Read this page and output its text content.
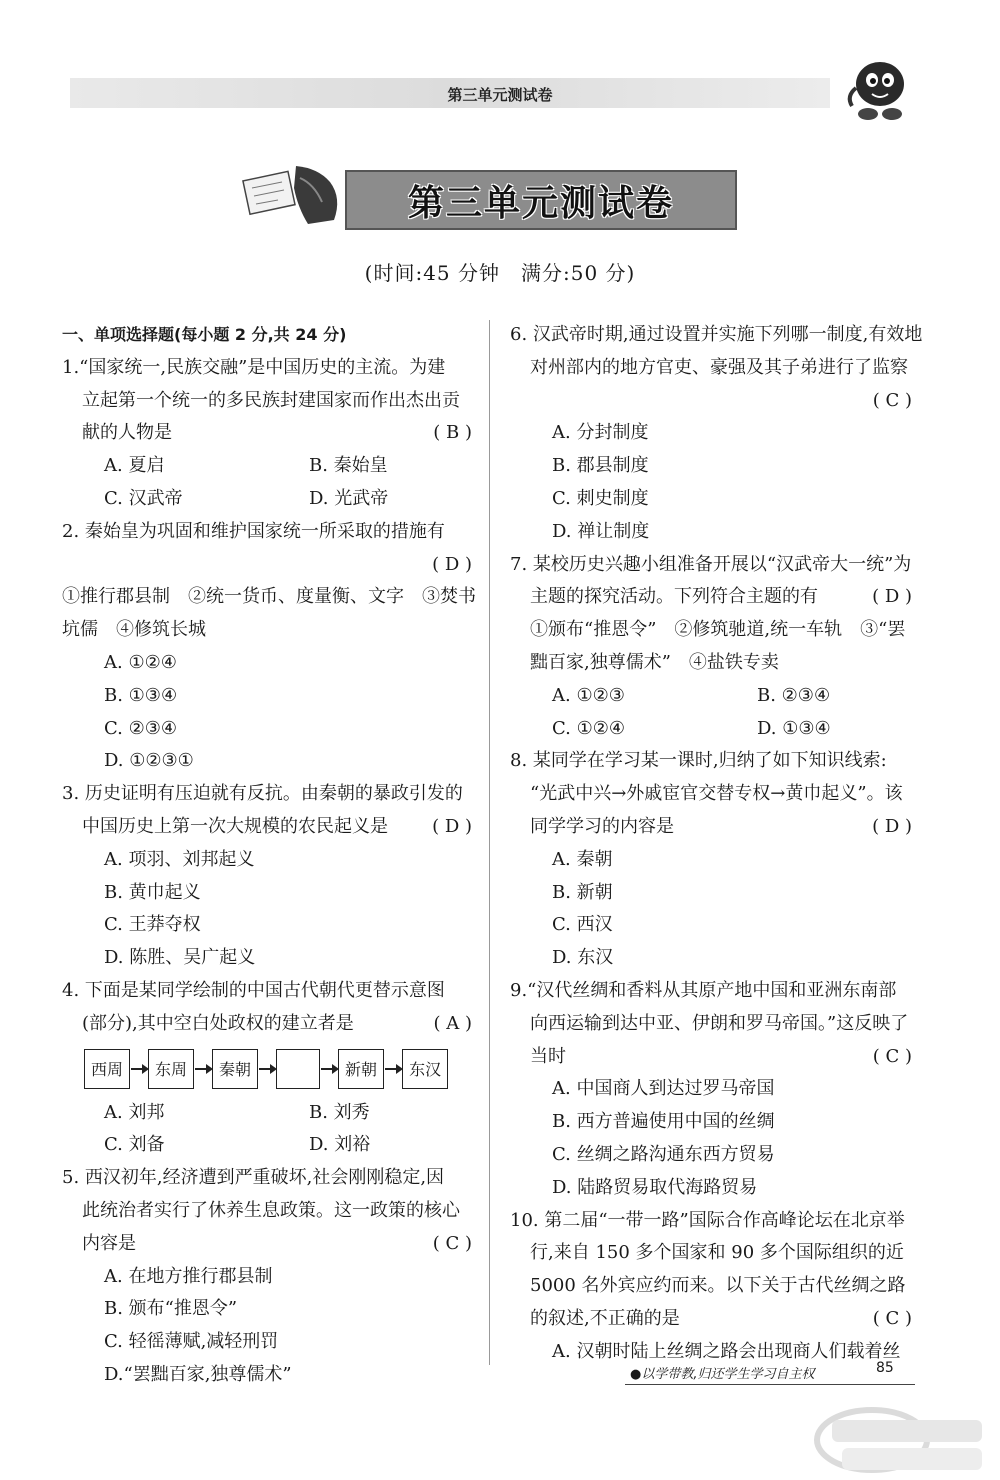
第三单元测试卷
第三单元测试卷
(时间:45 分钟　满分:50 分)
一、单项选择题(每小题 2 分,共 24 分)
1.“国家统一,民族交融”是中国历史的主流。为建
立起第一个统一的多民族封建国家而作出杰出贡
献的人物是	( B )
A. 夏启	B. 秦始皇
C. 汉武帝	D. 光武帝
2. 秦始皇为巩固和维护国家统一所采取的措施有
( D )
①推行郡县制　②统一货币、度量衡、文字　③焚书
坑儒　④修筑长城
A. ①②④
B. ①③④
C. ②③④
D. ①②③①
3. 历史证明有压迫就有反抗。由秦朝的暴政引发的
中国历史上第一次大规模的农民起义是 ( D )
A. 项羽、刘邦起义
B. 黄巾起义
C. 王莽夺权
D. 陈胜、吴广起义
4. 下面是某同学绘制的中国古代朝代更替示意图
(部分),其中空白处政权的建立者是	( A )
西周	东周	秦朝	新朝	东汉
A. 刘邦	B. 刘秀
C. 刘备	D. 刘裕
5. 西汉初年,经济遭到严重破坏,社会刚刚稳定,因
此统治者实行了休养生息政策。这一政策的核心
内容是	( C )
A. 在地方推行郡县制
B. 颁布“推恩令”
C. 轻徭薄赋,减轻刑罚
D.“罢黜百家,独尊儒术”
6. 汉武帝时期,通过设置并实施下列哪一制度,有效地
对州部内的地方官吏、豪强及其子弟进行了监察
( C )
A. 分封制度
B. 郡县制度
C. 刺史制度
D. 禅让制度
7. 某校历史兴趣小组准备开展以“汉武帝大一统”为
主题的探究活动。下列符合主题的有	( D )
①颁布“推恩令”　②修筑驰道,统一车轨　③“罢
黜百家,独尊儒术”　④盐铁专卖
A. ①②③	B. ②③④
C. ①②④	D. ①③④
8. 某同学在学习某一课时,归纳了如下知识线索:
“光武中兴→外戚宦官交替专权→黄巾起义”。该
同学学习的内容是	( D )
A. 秦朝
B. 新朝
C. 西汉
D. 东汉
9.“汉代丝绸和香料从其原产地中国和亚洲东南部
向西运输到达中亚、伊朗和罗马帝国。”这反映了
当时	( C )
A. 中国商人到达过罗马帝国
B. 西方普遍使用中国的丝绸
C. 丝绸之路沟通东西方贸易
D. 陆路贸易取代海路贸易
10. 第二届“一带一路”国际合作高峰论坛在北京举
行,来自 150 多个国家和 90 多个国际组织的近
5000 名外宾应约而来。以下关于古代丝绸之路
的叙述,不正确的是	( C )
A. 汉朝时陆上丝绸之路会出现商人们载着丝
●以学带教,归还学生学习自主权	85
